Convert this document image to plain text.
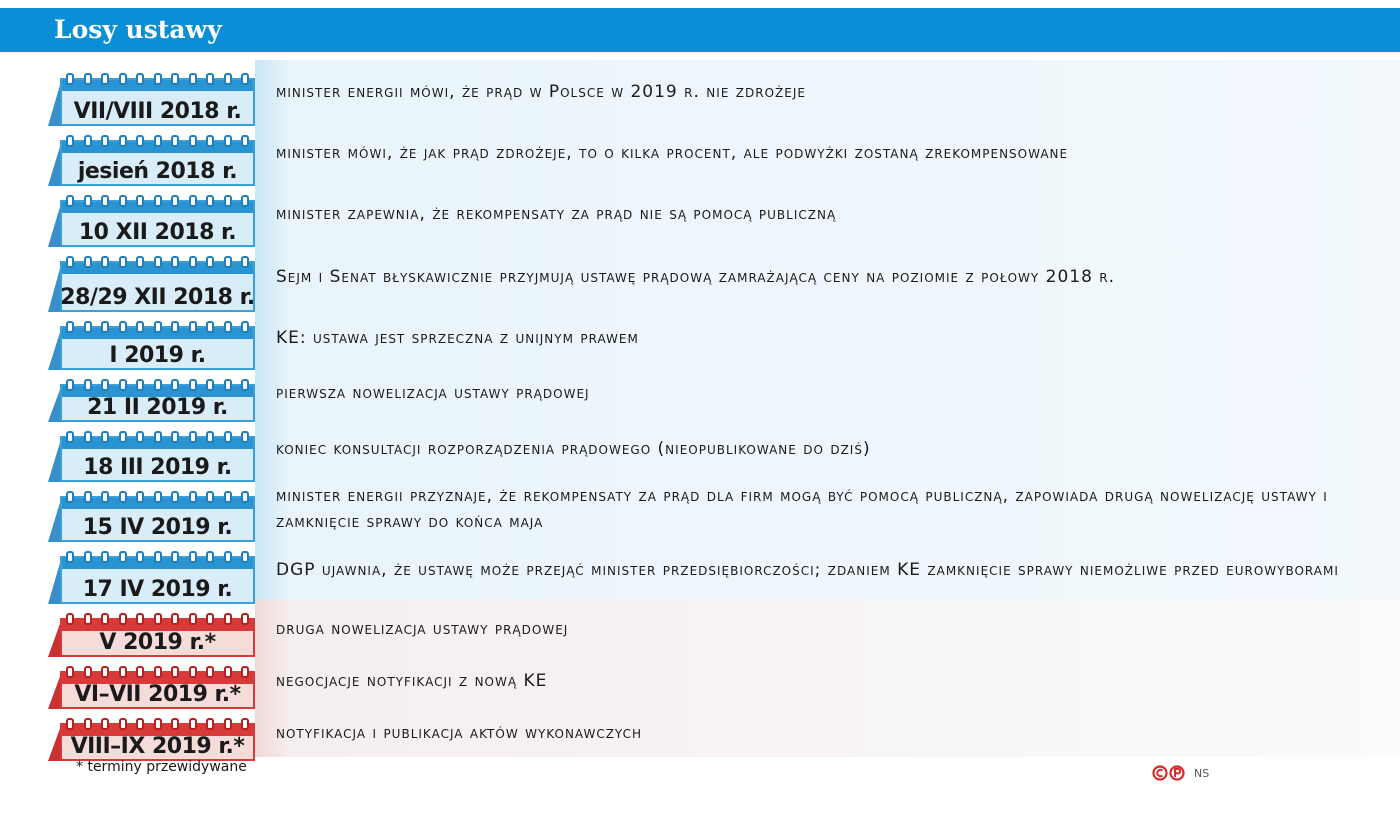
Losy ustawy
VII/VIII 2018 r.
minister energii mówi, że prąd w Polsce w 2019 r. nie zdrożeje
jesień 2018 r.
minister mówi, że jak prąd zdrożeje, to o kilka procent, ale podwyżki zostaną zrekompensowane
10 XII 2018 r.
minister zapewnia, że rekompensaty za prąd nie są pomocą publiczną
28/29 XII 2018 r.
Sejm i Senat błyskawicznie przyjmują ustawę prądową zamrażającą ceny na poziomie z połowy 2018 r.
I 2019 r.
KE: ustawa jest sprzeczna z unijnym prawem
21 II 2019 r.
pierwsza nowelizacja ustawy prądowej
18 III 2019 r.
koniec konsultacji rozporządzenia prądowego (nieopublikowane do dziś)
15 IV 2019 r.
minister energii przyznaje, że rekompensaty za prąd dla firm mogą być pomocą publiczną, zapowiada drugą nowelizację ustawy i zamknięcie sprawy do końca maja
17 IV 2019 r.
DGP ujawnia, że ustawę może przejąć minister przedsiębiorczości; zdaniem KE zamknięcie sprawy niemożliwe przed eurowyborami
V 2019 r.*
druga nowelizacja ustawy prądowej
VI–VII 2019 r.*
negocjacje notyfikacji z nową KE
VIII–IX 2019 r.*
notyfikacja i publikacja aktów wykonawczych
* terminy przewidywane	NS
